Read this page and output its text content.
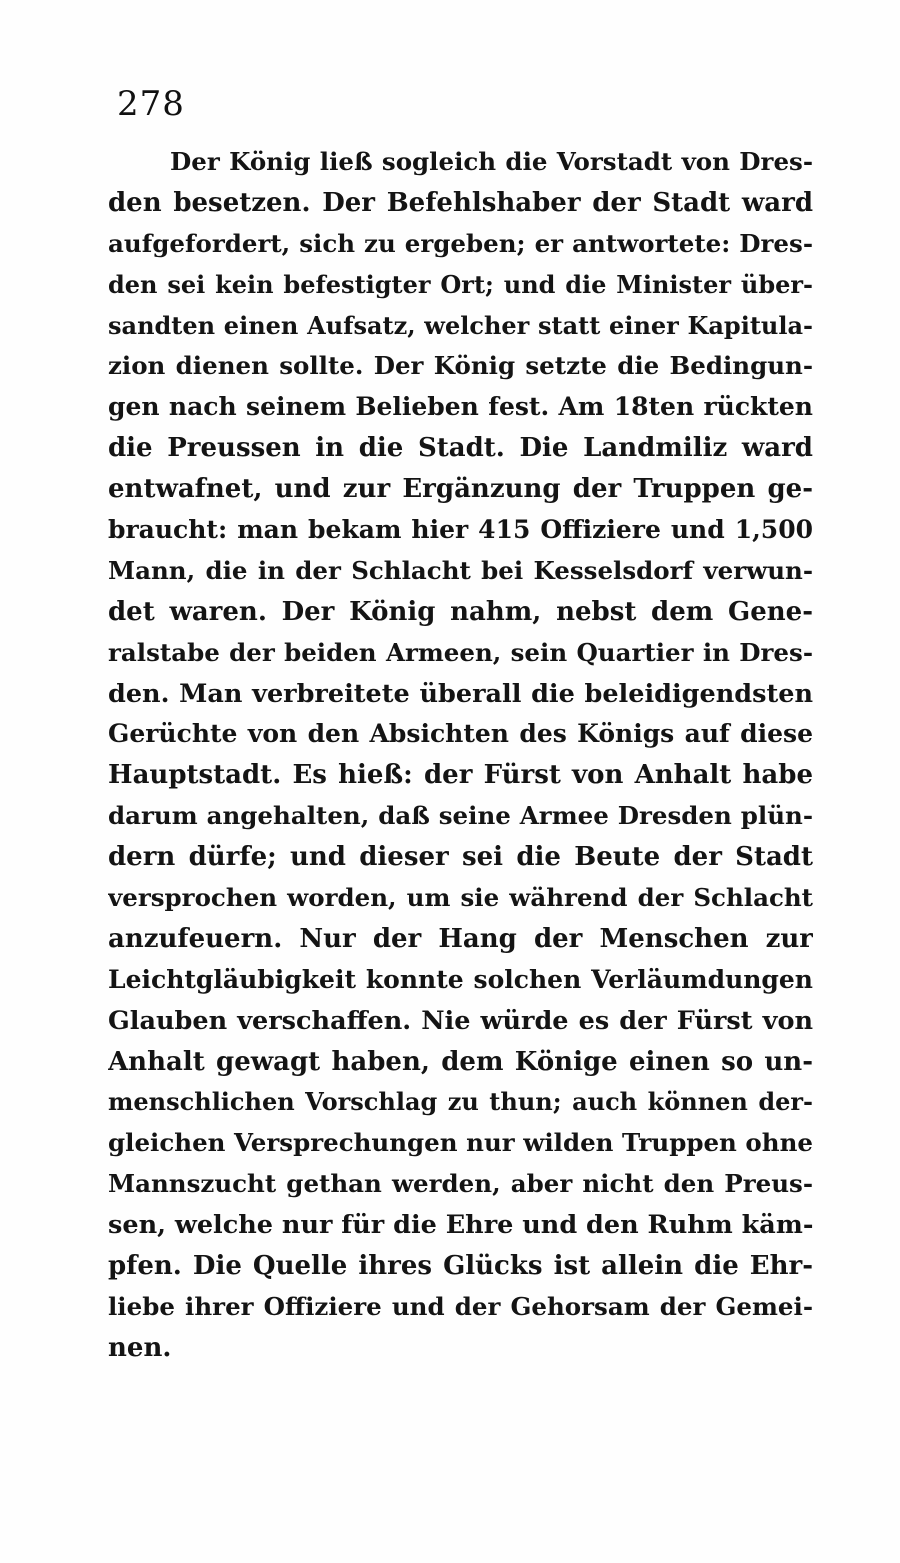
278
Der König ließ sogleich die Vorstadt von Dres-
den besetzen. Der Befehlshaber der Stadt ward
aufgefordert, sich zu ergeben; er antwortete: Dres-
den sei kein befestigter Ort; und die Minister über-
sandten einen Aufsatz, welcher statt einer Kapitula-
zion dienen sollte. Der König setzte die Bedingun-
gen nach seinem Belieben fest. Am 18ten rückten
die Preussen in die Stadt. Die Landmiliz ward
entwafnet, und zur Ergänzung der Truppen ge-
braucht: man bekam hier 415 Offiziere und 1,500
Mann, die in der Schlacht bei Kesselsdorf verwun-
det waren. Der König nahm, nebst dem Gene-
ralstabe der beiden Armeen, sein Quartier in Dres-
den. Man verbreitete überall die beleidigendsten
Gerüchte von den Absichten des Königs auf diese
Hauptstadt. Es hieß: der Fürst von Anhalt habe
darum angehalten, daß seine Armee Dresden plün-
dern dürfe; und dieser sei die Beute der Stadt
versprochen worden, um sie während der Schlacht
anzufeuern. Nur der Hang der Menschen zur
Leichtgläubigkeit konnte solchen Verläumdungen
Glauben verschaffen. Nie würde es der Fürst von
Anhalt gewagt haben, dem Könige einen so un-
menschlichen Vorschlag zu thun; auch können der-
gleichen Versprechungen nur wilden Truppen ohne
Mannszucht gethan werden, aber nicht den Preus-
sen, welche nur für die Ehre und den Ruhm käm-
pfen. Die Quelle ihres Glücks ist allein die Ehr-
liebe ihrer Offiziere und der Gehorsam der Gemei-
nen.
